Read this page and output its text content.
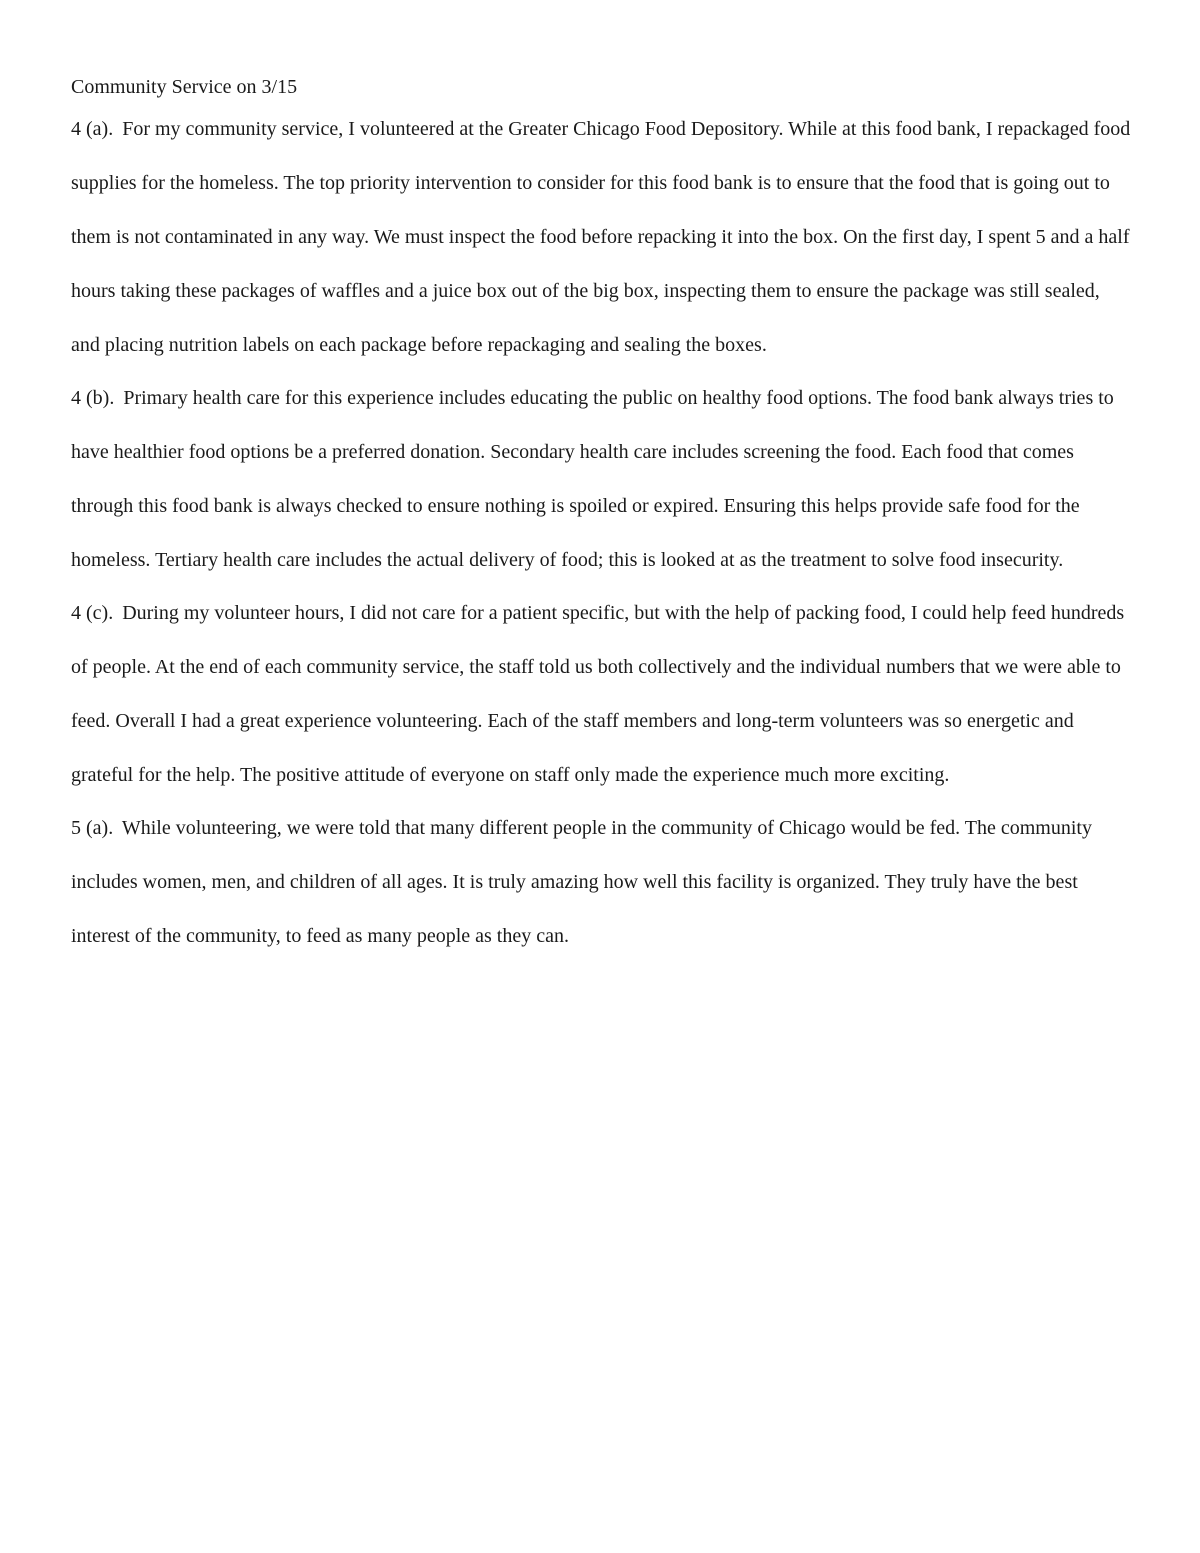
Community Service on 3/15

4 (a). For my community service, I volunteered at the Greater Chicago Food Depository. While at this food bank, I repackaged food supplies for the homeless. The top priority intervention to consider for this food bank is to ensure that the food that is going out to them is not contaminated in any way. We must inspect the food before repacking it into the box. On the first day, I spent 5 and a half hours taking these packages of waffles and a juice box out of the big box, inspecting them to ensure the package was still sealed, and placing nutrition labels on each package before repackaging and sealing the boxes.

4 (b). Primary health care for this experience includes educating the public on healthy food options. The food bank always tries to have healthier food options be a preferred donation. Secondary health care includes screening the food. Each food that comes through this food bank is always checked to ensure nothing is spoiled or expired. Ensuring this helps provide safe food for the homeless. Tertiary health care includes the actual delivery of food; this is looked at as the treatment to solve food insecurity.

4 (c). During my volunteer hours, I did not care for a patient specific, but with the help of packing food, I could help feed hundreds of people. At the end of each community service, the staff told us both collectively and the individual numbers that we were able to feed. Overall I had a great experience volunteering. Each of the staff members and long-term volunteers was so energetic and grateful for the help. The positive attitude of everyone on staff only made the experience much more exciting.

5 (a). While volunteering, we were told that many different people in the community of Chicago would be fed. The community includes women, men, and children of all ages. It is truly amazing how well this facility is organized. They truly have the best interest of the community, to feed as many people as they can.
